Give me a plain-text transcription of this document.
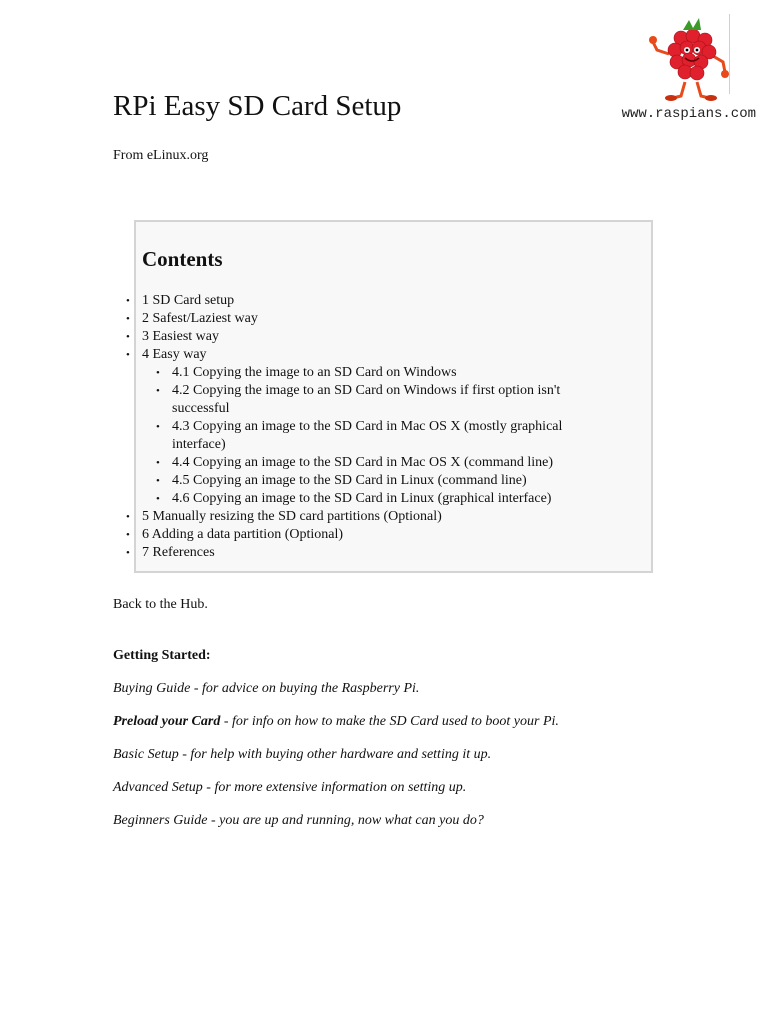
RPi Easy SD Card Setup	www.raspians.com
From eLinux.org
Contents
• 1 SD Card setup
• 2 Safest/Laziest way
• 3 Easiest way
• 4 Easy way
• 4.1 Copying the image to an SD Card on Windows
• 4.2 Copying the image to an SD Card on Windows if first option isn't successful
• 4.3 Copying an image to the SD Card in Mac OS X (mostly graphical interface)
• 4.4 Copying an image to the SD Card in Mac OS X (command line)
• 4.5 Copying an image to the SD Card in Linux (command line)
• 4.6 Copying an image to the SD Card in Linux (graphical interface)
• 5 Manually resizing the SD card partitions (Optional)
• 6 Adding a data partition (Optional)
• 7 References
Back to the Hub.
Getting Started:
Buying Guide - for advice on buying the Raspberry Pi.
Preload your Card - for info on how to make the SD Card used to boot your Pi.
Basic Setup - for help with buying other hardware and setting it up.
Advanced Setup - for more extensive information on setting up.
Beginners Guide - you are up and running, now what can you do?
